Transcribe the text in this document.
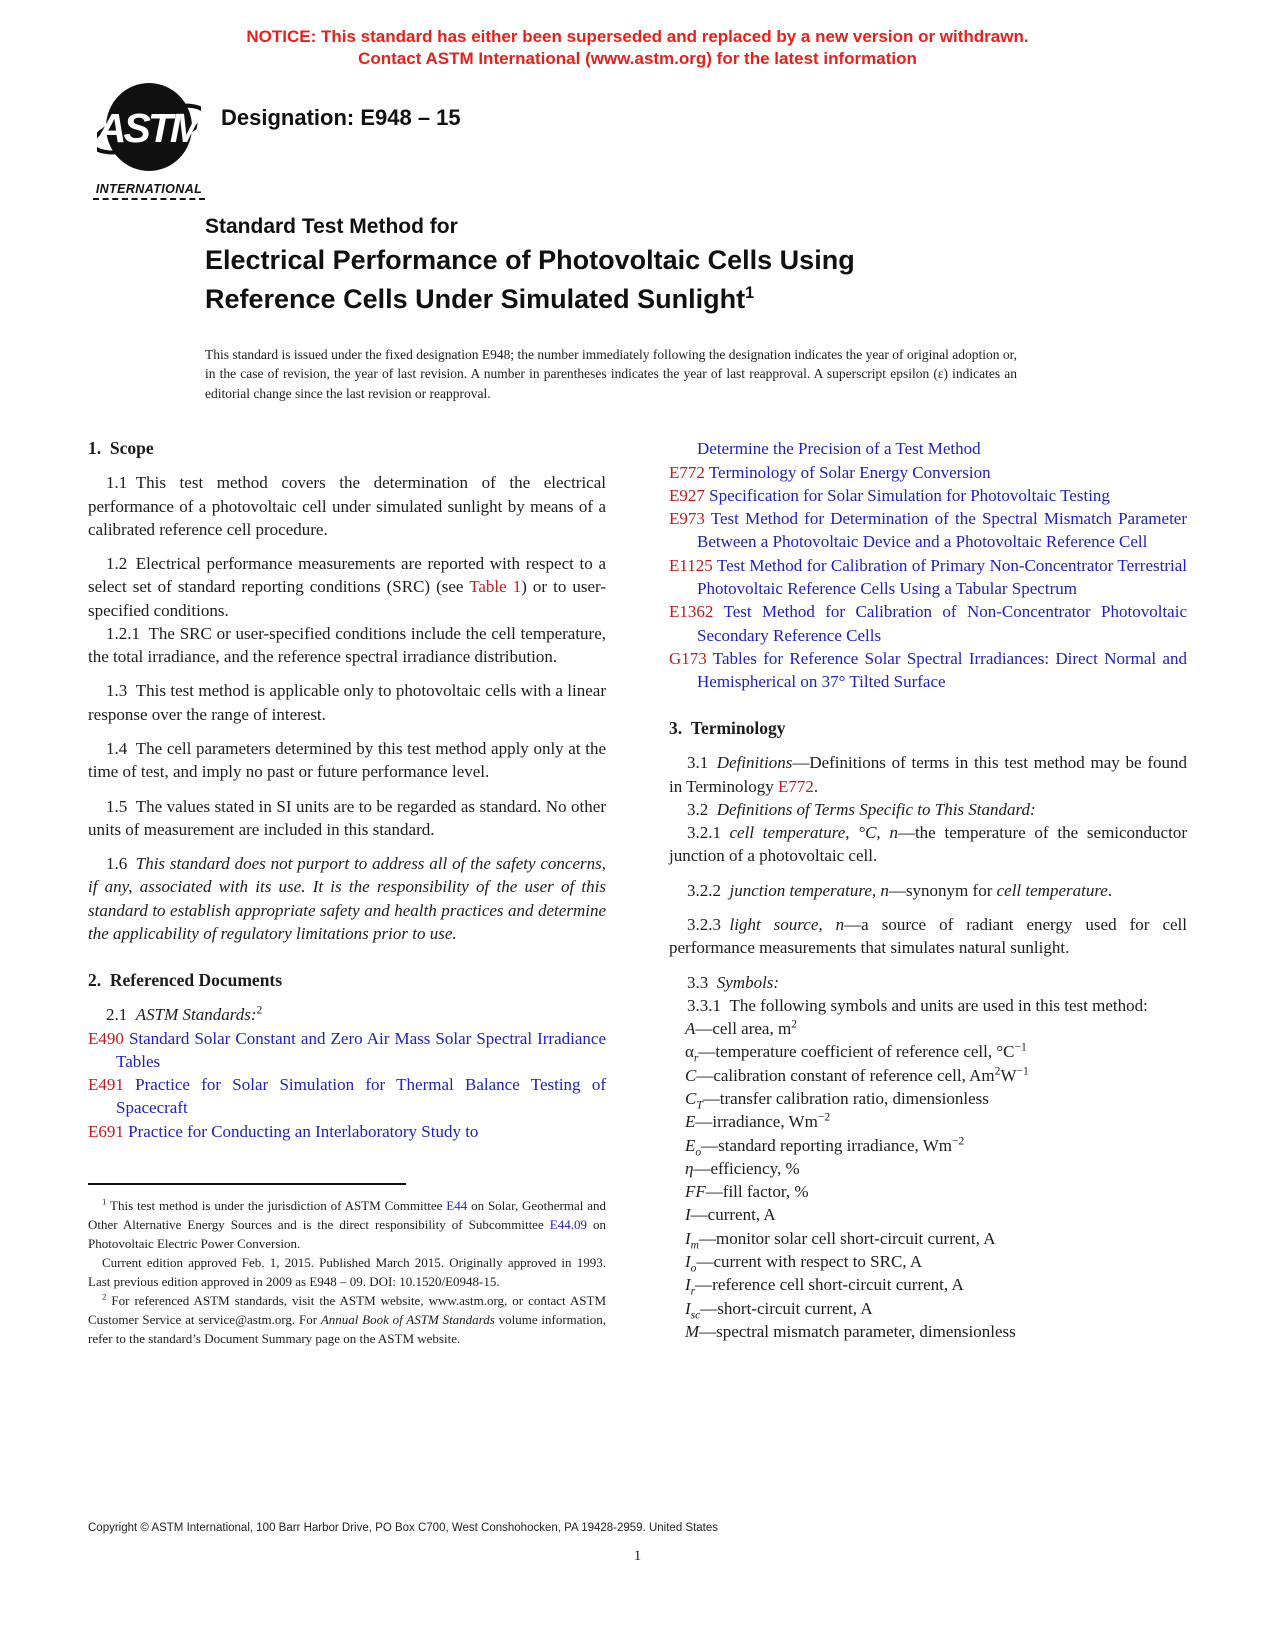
NOTICE: This standard has either been superseded and replaced by a new version or withdrawn.
Contact ASTM International (www.astm.org) for the latest information
ASTM
INTERNATIONAL
Designation: E948 – 15
Standard Test Method for
Electrical Performance of Photovoltaic Cells Using
Reference Cells Under Simulated Sunlight$^1$
This standard is issued under the fixed designation E948; the number immediately following the designation indicates the year of original adoption or, in the case of revision, the year of last revision. A number in parentheses indicates the year of last reapproval. A superscript epsilon (ε) indicates an editorial change since the last revision or reapproval.
1. Scope

1.1 This test method covers the determination of the electrical performance of a photovoltaic cell under simulated sunlight by means of a calibrated reference cell procedure.

1.2 Electrical performance measurements are reported with respect to a select set of standard reporting conditions (SRC) (see Table 1) or to user-specified conditions.

1.2.1 The SRC or user-specified conditions include the cell temperature, the total irradiance, and the reference spectral irradiance distribution.

1.3 This test method is applicable only to photovoltaic cells with a linear response over the range of interest.

1.4 The cell parameters determined by this test method apply only at the time of test, and imply no past or future performance level.

1.5 The values stated in SI units are to be regarded as standard. No other units of measurement are included in this standard.

1.6 This standard does not purport to address all of the safety concerns, if any, associated with its use. It is the responsibility of the user of this standard to establish appropriate safety and health practices and determine the applicability of regulatory limitations prior to use.

2. Referenced Documents

2.1 ASTM Standards:$^2$

E490 Standard Solar Constant and Zero Air Mass Solar Spectral Irradiance Tables

E491 Practice for Solar Simulation for Thermal Balance Testing of Spacecraft

E691 Practice for Conducting an Interlaboratory Study to

$^1$ This test method is under the jurisdiction of ASTM Committee E44 on Solar, Geothermal and Other Alternative Energy Sources and is the direct responsibility of Subcommittee E44.09 on Photovoltaic Electric Power Conversion.

Current edition approved Feb. 1, 2015. Published March 2015. Originally approved in 1993. Last previous edition approved in 2009 as E948 – 09. DOI: 10.1520/E0948-15.

$^2$ For referenced ASTM standards, visit the ASTM website, www.astm.org, or contact ASTM Customer Service at service@astm.org. For Annual Book of ASTM Standards volume information, refer to the standard’s Document Summary page on the ASTM website.

Determine the Precision of a Test Method

E772 Terminology of Solar Energy Conversion

E927 Specification for Solar Simulation for Photovoltaic Testing

E973 Test Method for Determination of the Spectral Mismatch Parameter Between a Photovoltaic Device and a Photovoltaic Reference Cell

E1125 Test Method for Calibration of Primary Non-Concentrator Terrestrial Photovoltaic Reference Cells Using a Tabular Spectrum

E1362 Test Method for Calibration of Non-Concentrator Photovoltaic Secondary Reference Cells

G173 Tables for Reference Solar Spectral Irradiances: Direct Normal and Hemispherical on 37° Tilted Surface

3. Terminology

3.1 Definitions—Definitions of terms in this test method may be found in Terminology E772.

3.2 Definitions of Terms Specific to This Standard:

3.2.1 cell temperature, °C, n—the temperature of the semiconductor junction of a photovoltaic cell.

3.2.2 junction temperature, n—synonym for cell temperature.

3.2.3 light source, n—a source of radiant energy used for cell performance measurements that simulates natural sunlight.

3.3 Symbols:

3.3.1 The following symbols and units are used in this test method:

A—cell area, $m^2$
$\alpha_r—temperature$ coefficient of reference cell, $^\circ C^{-1}$
C—calibration constant of reference cell, $Am^2W^{-1}$
$C_T—transfer$ calibration ratio, dimensionless
E—irradiance, $Wm^{-2}$
$E_o—standard$ reporting irradiance, $Wm^{-2}$
η—efficiency, %
FF—fill factor, %
I—current, A
$I_m—monitor$ solar cell short-circuit current, A
$I_o—current$ with respect to SRC, A
$I_r—reference$ cell short-circuit current, A
$I_{sc}—short$-circuit current, A
M—spectral mismatch parameter, dimensionless
Copyright © ASTM International, 100 Barr Harbor Drive, PO Box C700, West Conshohocken, PA 19428-2959. United States
1
